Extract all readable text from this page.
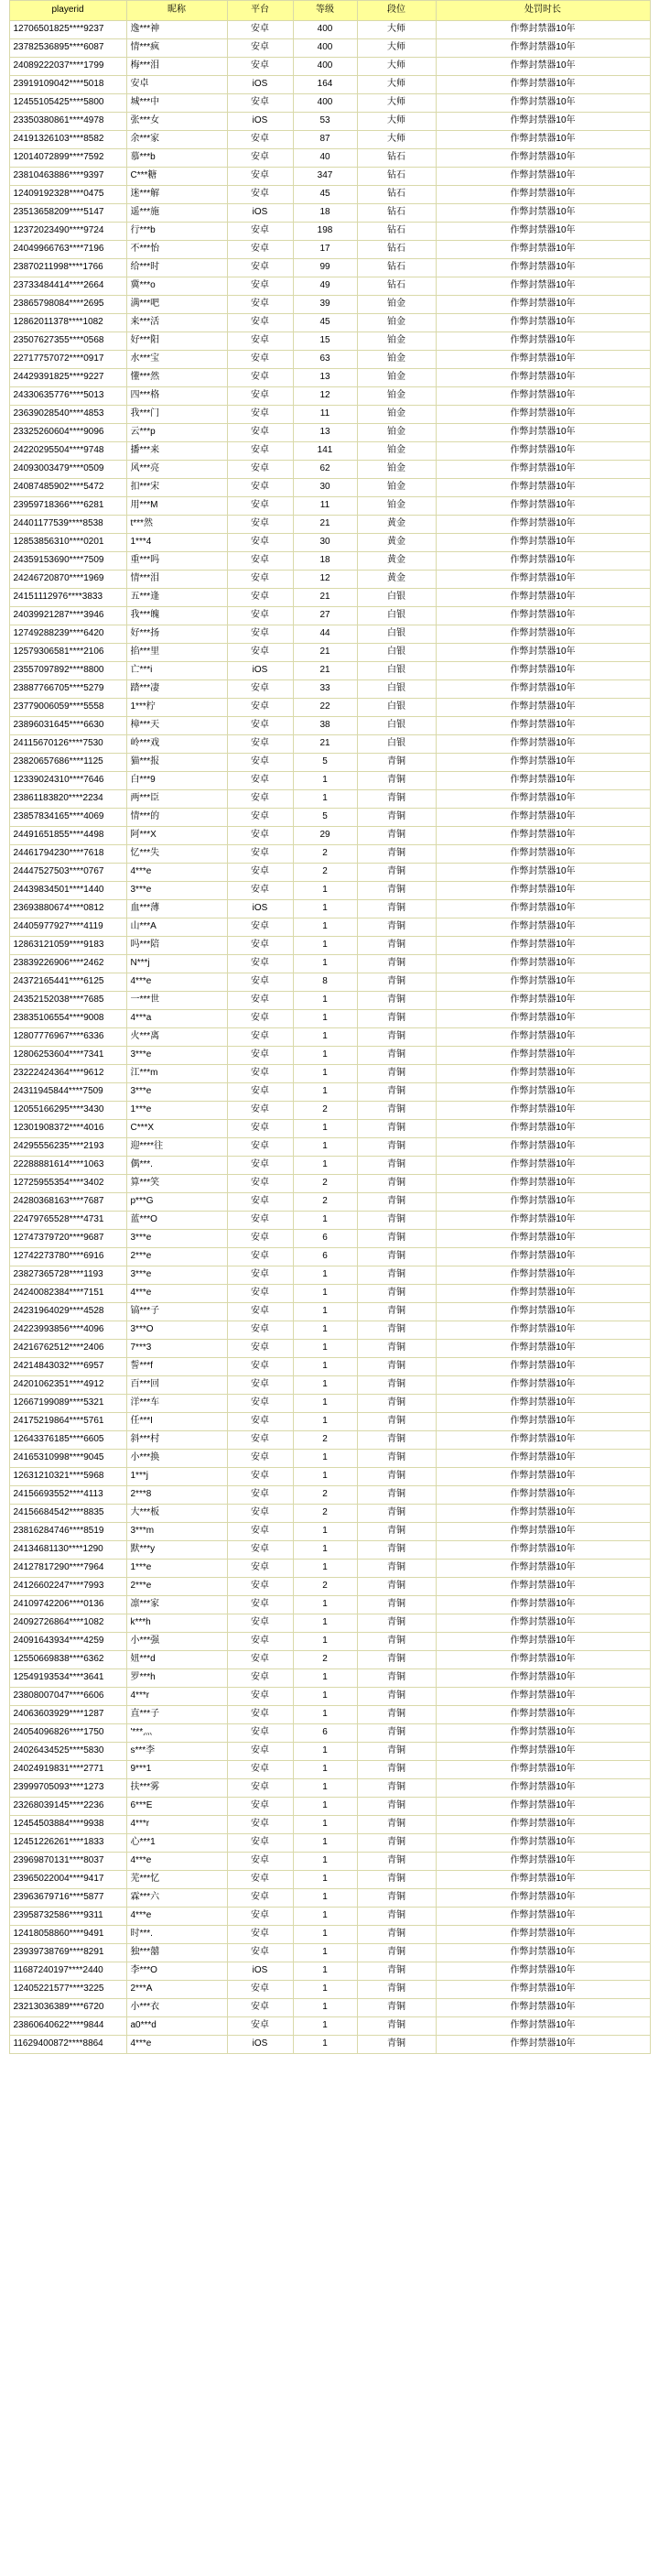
playerid	昵称	平台	等级	段位	处罚时长
12706501825****9237	逸***神	安卓	400	大师	作弊封禁器10年
23782536895****6087	情***疯	安卓	400	大师	作弊封禁器10年
24089222037****1799	梅***泪	安卓	400	大师	作弊封禁器10年
23919109042****5018	安卓	iOS	164	大师	作弊封禁器10年
12455105425****5800	城***中	安卓	400	大师	作弊封禁器10年
23350380861****4978	张***女	iOS	53	大师	作弊封禁器10年
24191326103****8582	余***家	安卓	87	大师	作弊封禁器10年
12014072899****7592	慕***b	安卓	40	钻石	作弊封禁器10年
23810463886****9397	C***糖	安卓	347	钻石	作弊封禁器10年
12409192328****0475	迷***解	安卓	45	钻石	作弊封禁器10年
23513658209****5147	遥***施	iOS	18	钻石	作弊封禁器10年
12372023490****9724	行***b	安卓	198	钻石	作弊封禁器10年
24049966763****7196	不***怡	安卓	17	钻石	作弊封禁器10年
23870211998****1766	给***时	安卓	99	钻石	作弊封禁器10年
23733484414****2664	冀***o	安卓	49	钻石	作弊封禁器10年
23865798084****2695	满***吧	安卓	39	铂金	作弊封禁器10年
12862011378****1082	来***活	安卓	45	铂金	作弊封禁器10年
23507627355****0568	好***阳	安卓	15	铂金	作弊封禁器10年
22717757072****0917	水***宝	安卓	63	铂金	作弊封禁器10年
24429391825****9227	懂***然	安卓	13	铂金	作弊封禁器10年
24330635776****5013	四***格	安卓	12	铂金	作弊封禁器10年
23639028540****4853	我***门	安卓	11	铂金	作弊封禁器10年
23325260604****9096	云***p	安卓	13	铂金	作弊封禁器10年
24220295504****9748	播***来	安卓	141	铂金	作弊封禁器10年
24093003479****0509	风***亮	安卓	62	铂金	作弊封禁器10年
24087485902****5472	扣***宋	安卓	30	铂金	作弊封禁器10年
23959718366****6281	用***M	安卓	11	铂金	作弊封禁器10年
24401177539****8538	t***然	安卓	21	黄金	作弊封禁器10年
12853856310****0201	1***4	安卓	30	黄金	作弊封禁器10年
24359153690****7509	重***吗	安卓	18	黄金	作弊封禁器10年
24246720870****1969	情***泪	安卓	12	黄金	作弊封禁器10年
24151112976****3833	五***逢	安卓	21	白银	作弊封禁器10年
24039921287****3946	我***魄	安卓	27	白银	作弊封禁器10年
12749288239****6420	好***扬	安卓	44	白银	作弊封禁器10年
12579306581****2106	掐***里	安卓	21	白银	作弊封禁器10年
23557097892****8800	亡***i	iOS	21	白银	作弊封禁器10年
23887766705****5279	踏***凄	安卓	33	白银	作弊封禁器10年
23779006059****5558	1***柠	安卓	22	白银	作弊封禁器10年
23896031645****6630	樟***天	安卓	38	白银	作弊封禁器10年
24115670126****7530	岭***戏	安卓	21	白银	作弊封禁器10年
23820657686****1125	猫***报	安卓	5	青铜	作弊封禁器10年
12339024310****7646	白***9	安卓	1	青铜	作弊封禁器10年
23861183820****2234	两***臣	安卓	1	青铜	作弊封禁器10年
23857834165****4069	情***的	安卓	5	青铜	作弊封禁器10年
24491651855****4498	阿***X	安卓	29	青铜	作弊封禁器10年
24461794230****7618	忆***失	安卓	2	青铜	作弊封禁器10年
24447527503****0767	4***e	安卓	2	青铜	作弊封禁器10年
24439834501****1440	3***e	安卓	1	青铜	作弊封禁器10年
23693880674****0812	血***薄	iOS	1	青铜	作弊封禁器10年
24405977927****4119	山***A	安卓	1	青铜	作弊封禁器10年
12863121059****9183	吗***陪	安卓	1	青铜	作弊封禁器10年
23839226906****2462	N***j	安卓	1	青铜	作弊封禁器10年
24372165441****6125	4***e	安卓	8	青铜	作弊封禁器10年
24352152038****7685	一***世	安卓	1	青铜	作弊封禁器10年
23835106554****9008	4***a	安卓	1	青铜	作弊封禁器10年
12807776967****6336	火***离	安卓	1	青铜	作弊封禁器10年
12806253604****7341	3***e	安卓	1	青铜	作弊封禁器10年
23222424364****9612	江***m	安卓	1	青铜	作弊封禁器10年
24311945844****7509	3***e	安卓	1	青铜	作弊封禁器10年
12055166295****3430	1***e	安卓	2	青铜	作弊封禁器10年
12301908372****4016	C***X	安卓	1	青铜	作弊封禁器10年
24295556235****2193	迎****往	安卓	1	青铜	作弊封禁器10年
22288881614****1063	偶***.	安卓	1	青铜	作弊封禁器10年
12725955354****3402	算***笑	安卓	2	青铜	作弊封禁器10年
24280368163****7687	p***G	安卓	2	青铜	作弊封禁器10年
22479765528****4731	蓝***O	安卓	1	青铜	作弊封禁器10年
12747379720****9687	3***e	安卓	6	青铜	作弊封禁器10年
12742273780****6916	2***e	安卓	6	青铜	作弊封禁器10年
23827365728****1193	3***e	安卓	1	青铜	作弊封禁器10年
24240082384****7151	4***e	安卓	1	青铜	作弊封禁器10年
24231964029****4528	镐***子	安卓	1	青铜	作弊封禁器10年
24223993856****4096	3***O	安卓	1	青铜	作弊封禁器10年
24216762512****2406	7***3	安卓	1	青铜	作弊封禁器10年
24214843032****6957	誓***f	安卓	1	青铜	作弊封禁器10年
24201062351****4912	百***回	安卓	1	青铜	作弊封禁器10年
12667199089****5321	洋***车	安卓	1	青铜	作弊封禁器10年
24175219864****5761	任***I	安卓	1	青铜	作弊封禁器10年
12643376185****6605	斜***村	安卓	2	青铜	作弊封禁器10年
24165310998****9045	小***换	安卓	1	青铜	作弊封禁器10年
12631210321****5968	1***j	安卓	1	青铜	作弊封禁器10年
24156693552****4113	2***8	安卓	2	青铜	作弊封禁器10年
24156684542****8835	大***板	安卓	2	青铜	作弊封禁器10年
23816284746****8519	3***m	安卓	1	青铜	作弊封禁器10年
24134681130****1290	默***y	安卓	1	青铜	作弊封禁器10年
24127817290****7964	1***e	安卓	1	青铜	作弊封禁器10年
24126602247****7993	2***e	安卓	2	青铜	作弊封禁器10年
24109742206****0136	凛***家	安卓	1	青铜	作弊封禁器10年
24092726864****1082	k***h	安卓	1	青铜	作弊封禁器10年
24091643934****4259	小***强	安卓	1	青铜	作弊封禁器10年
12550669838****6362	妞***d	安卓	2	青铜	作弊封禁器10年
12549193534****3641	罗***h	安卓	1	青铜	作弊封禁器10年
23808007047****6606	4***r	安卓	1	青铜	作弊封禁器10年
24063603929****1287	直***子	安卓	1	青铜	作弊封禁器10年
24054096826****1750	'***灬	安卓	6	青铜	作弊封禁器10年
24026434525****5830	s***李	安卓	1	青铜	作弊封禁器10年
24024919831****2771	9***1	安卓	1	青铜	作弊封禁器10年
23999705093****1273	扶***雾	安卓	1	青铜	作弊封禁器10年
23268039145****2236	6***E	安卓	1	青铜	作弊封禁器10年
12454503884****9938	4***r	安卓	1	青铜	作弊封禁器10年
12451226261****1833	心***1	安卓	1	青铜	作弊封禁器10年
23969870131****8037	4***e	安卓	1	青铜	作弊封禁器10年
23965022004****9417	芜***忆	安卓	1	青铜	作弊封禁器10年
23963679716****5877	霖***六	安卓	1	青铜	作弊封禁器10年
23958732586****9311	4***e	安卓	1	青铜	作弊封禁器10年
12418058860****9491	时***.	安卓	1	青铜	作弊封禁器10年
23939738769****8291	独***囍	安卓	1	青铜	作弊封禁器10年
11687240197****2440	李***O	iOS	1	青铜	作弊封禁器10年
12405221577****3225	2***A	安卓	1	青铜	作弊封禁器10年
23213036389****6720	小***衣	安卓	1	青铜	作弊封禁器10年
23860640622****9844	a0***d	安卓	1	青铜	作弊封禁器10年
11629400872****8864	4***e	iOS	1	青铜	作弊封禁器10年
